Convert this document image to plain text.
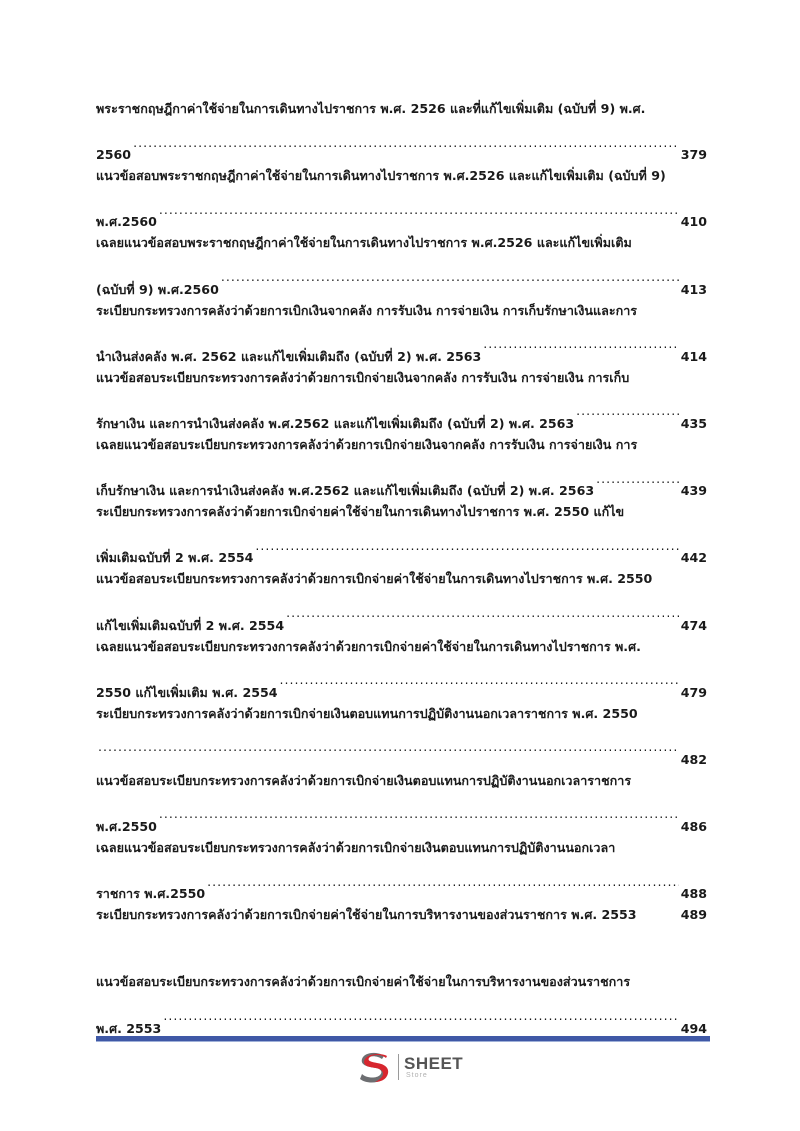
พระราชกฤษฎีกาค่าใช้จ่ายในการเดินทางไปราชการ พ.ศ. 2526 และที่แก้ไขเพิ่มเติม (ฉบับที่ 9) พ.ศ.
2560 .....	379
แนวข้อสอบพระราชกฤษฎีกาค่าใช้จ่ายในการเดินทางไปราชการ พ.ศ.2526 และแก้ไขเพิ่มเติม (ฉบับที่ 9)
พ.ศ.2560 .....	410
เฉลยแนวข้อสอบพระราชกฤษฎีกาค่าใช้จ่ายในการเดินทางไปราชการ พ.ศ.2526 และแก้ไขเพิ่มเติม
(ฉบับที่ 9) พ.ศ.2560 .....	413
ระเบียบกระทรวงการคลังว่าด้วยการเบิกเงินจากคลัง การรับเงิน การจ่ายเงิน การเก็บรักษาเงินและการ
นำเงินส่งคลัง พ.ศ. 2562 และแก้ไขเพิ่มเติมถึง (ฉบับที่ 2) พ.ศ. 2563 .....	414
แนวข้อสอบระเบียบกระทรวงการคลังว่าด้วยการเบิกจ่ายเงินจากคลัง การรับเงิน การจ่ายเงิน การเก็บ
รักษาเงิน และการนำเงินส่งคลัง พ.ศ.2562 และแก้ไขเพิ่มเติมถึง (ฉบับที่ 2) พ.ศ. 2563 .....	435
เฉลยแนวข้อสอบระเบียบกระทรวงการคลังว่าด้วยการเบิกจ่ายเงินจากคลัง การรับเงิน การจ่ายเงิน การ
เก็บรักษาเงิน และการนำเงินส่งคลัง พ.ศ.2562 และแก้ไขเพิ่มเติมถึง (ฉบับที่ 2) พ.ศ. 2563 .....	439
ระเบียบกระทรวงการคลังว่าด้วยการเบิกจ่ายค่าใช้จ่ายในการเดินทางไปราชการ พ.ศ. 2550 แก้ไข
เพิ่มเติมฉบับที่ 2 พ.ศ. 2554 .....	442
แนวข้อสอบระเบียบกระทรวงการคลังว่าด้วยการเบิกจ่ายค่าใช้จ่ายในการเดินทางไปราชการ พ.ศ. 2550
แก้ไขเพิ่มเติมฉบับที่ 2 พ.ศ. 2554 .....	474
เฉลยแนวข้อสอบระเบียบกระทรวงการคลังว่าด้วยการเบิกจ่ายค่าใช้จ่ายในการเดินทางไปราชการ พ.ศ.
2550 แก้ไขเพิ่มเติม พ.ศ. 2554 .....	479
ระเบียบกระทรวงการคลังว่าด้วยการเบิกจ่ายเงินตอบแทนการปฏิบัติงานนอกเวลาราชการ พ.ศ. 2550
.....
482
แนวข้อสอบระเบียบกระทรวงการคลังว่าด้วยการเบิกจ่ายเงินตอบแทนการปฏิบัติงานนอกเวลาราชการ
พ.ศ.2550 .....	486
เฉลยแนวข้อสอบระเบียบกระทรวงการคลังว่าด้วยการเบิกจ่ายเงินตอบแทนการปฏิบัติงานนอกเวลา
ราชการ พ.ศ.2550 .....	488
ระเบียบกระทรวงการคลังว่าด้วยการเบิกจ่ายค่าใช้จ่ายในการบริหารงานของส่วนราชการ พ.ศ. 2553
	489
แนวข้อสอบระเบียบกระทรวงการคลังว่าด้วยการเบิกจ่ายค่าใช้จ่ายในการบริหารงานของส่วนราชการ
พ.ศ. 2553 .....	494
SHEET
Store
